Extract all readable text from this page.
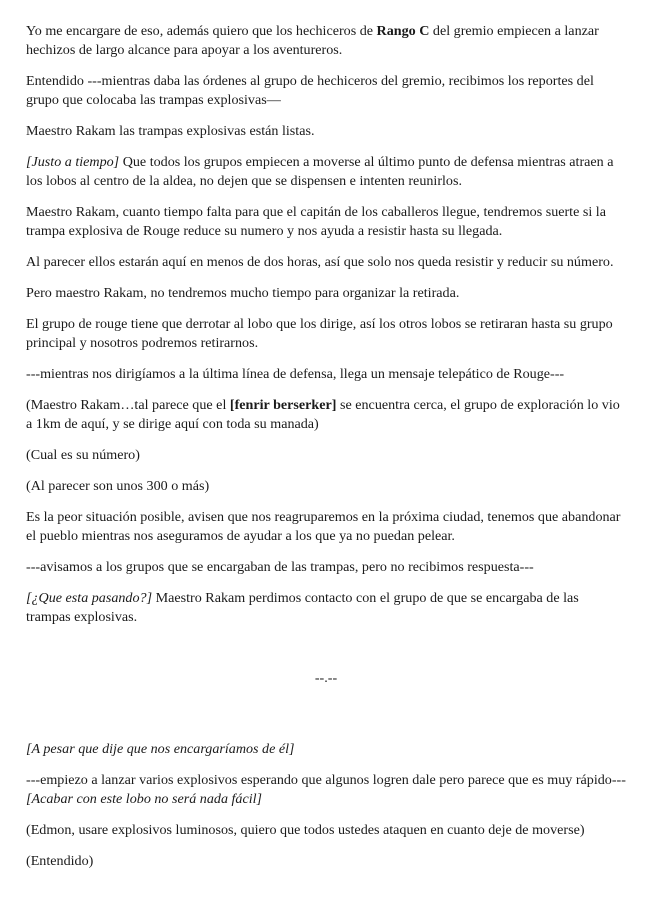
Yo me encargare de eso, además quiero que los hechiceros de Rango C del gremio empiecen a lanzar hechizos de largo alcance para apoyar a los aventureros.

Entendido ---mientras daba las órdenes al grupo de hechiceros del gremio, recibimos los reportes del grupo que colocaba las trampas explosivas—

Maestro Rakam las trampas explosivas están listas.

[Justo a tiempo] Que todos los grupos empiecen a moverse al último punto de defensa mientras atraen a los lobos al centro de la aldea, no dejen que se dispensen e intenten reunirlos.

Maestro Rakam, cuanto tiempo falta para que el capitán de los caballeros llegue, tendremos suerte si la trampa explosiva de Rouge reduce su numero y nos ayuda a resistir hasta su llegada.

Al parecer ellos estarán aquí en menos de dos horas, así que solo nos queda resistir y reducir su número.

Pero maestro Rakam, no tendremos mucho tiempo para organizar la retirada.

El grupo de rouge tiene que derrotar al lobo que los dirige, así los otros lobos se retiraran hasta su grupo principal y nosotros podremos retirarnos.

---mientras nos dirigíamos a la última línea de defensa, llega un mensaje telepático de Rouge---

(Maestro Rakam…tal parece que el [fenrir berserker] se encuentra cerca, el grupo de exploración lo vio a 1km de aquí, y se dirige aquí con toda su manada)

(Cual es su número)

(Al parecer son unos 300 o más)

Es la peor situación posible, avisen que nos reagruparemos en la próxima ciudad, tenemos que abandonar el pueblo mientras nos aseguramos de ayudar a los que ya no puedan pelear.

---avisamos a los grupos que se encargaban de las trampas, pero no recibimos respuesta---

[¿Que esta pasando?] Maestro Rakam perdimos contacto con el grupo de que se encargaba de las trampas explosivas.

--.--

[A pesar que dije que nos encargaríamos de él]

---empiezo a lanzar varios explosivos esperando que algunos logren dale pero parece que es muy rápido--- [Acabar con este lobo no será nada fácil]

(Edmon, usare explosivos luminosos, quiero que todos ustedes ataquen en cuanto deje de moverse)

(Entendido)
